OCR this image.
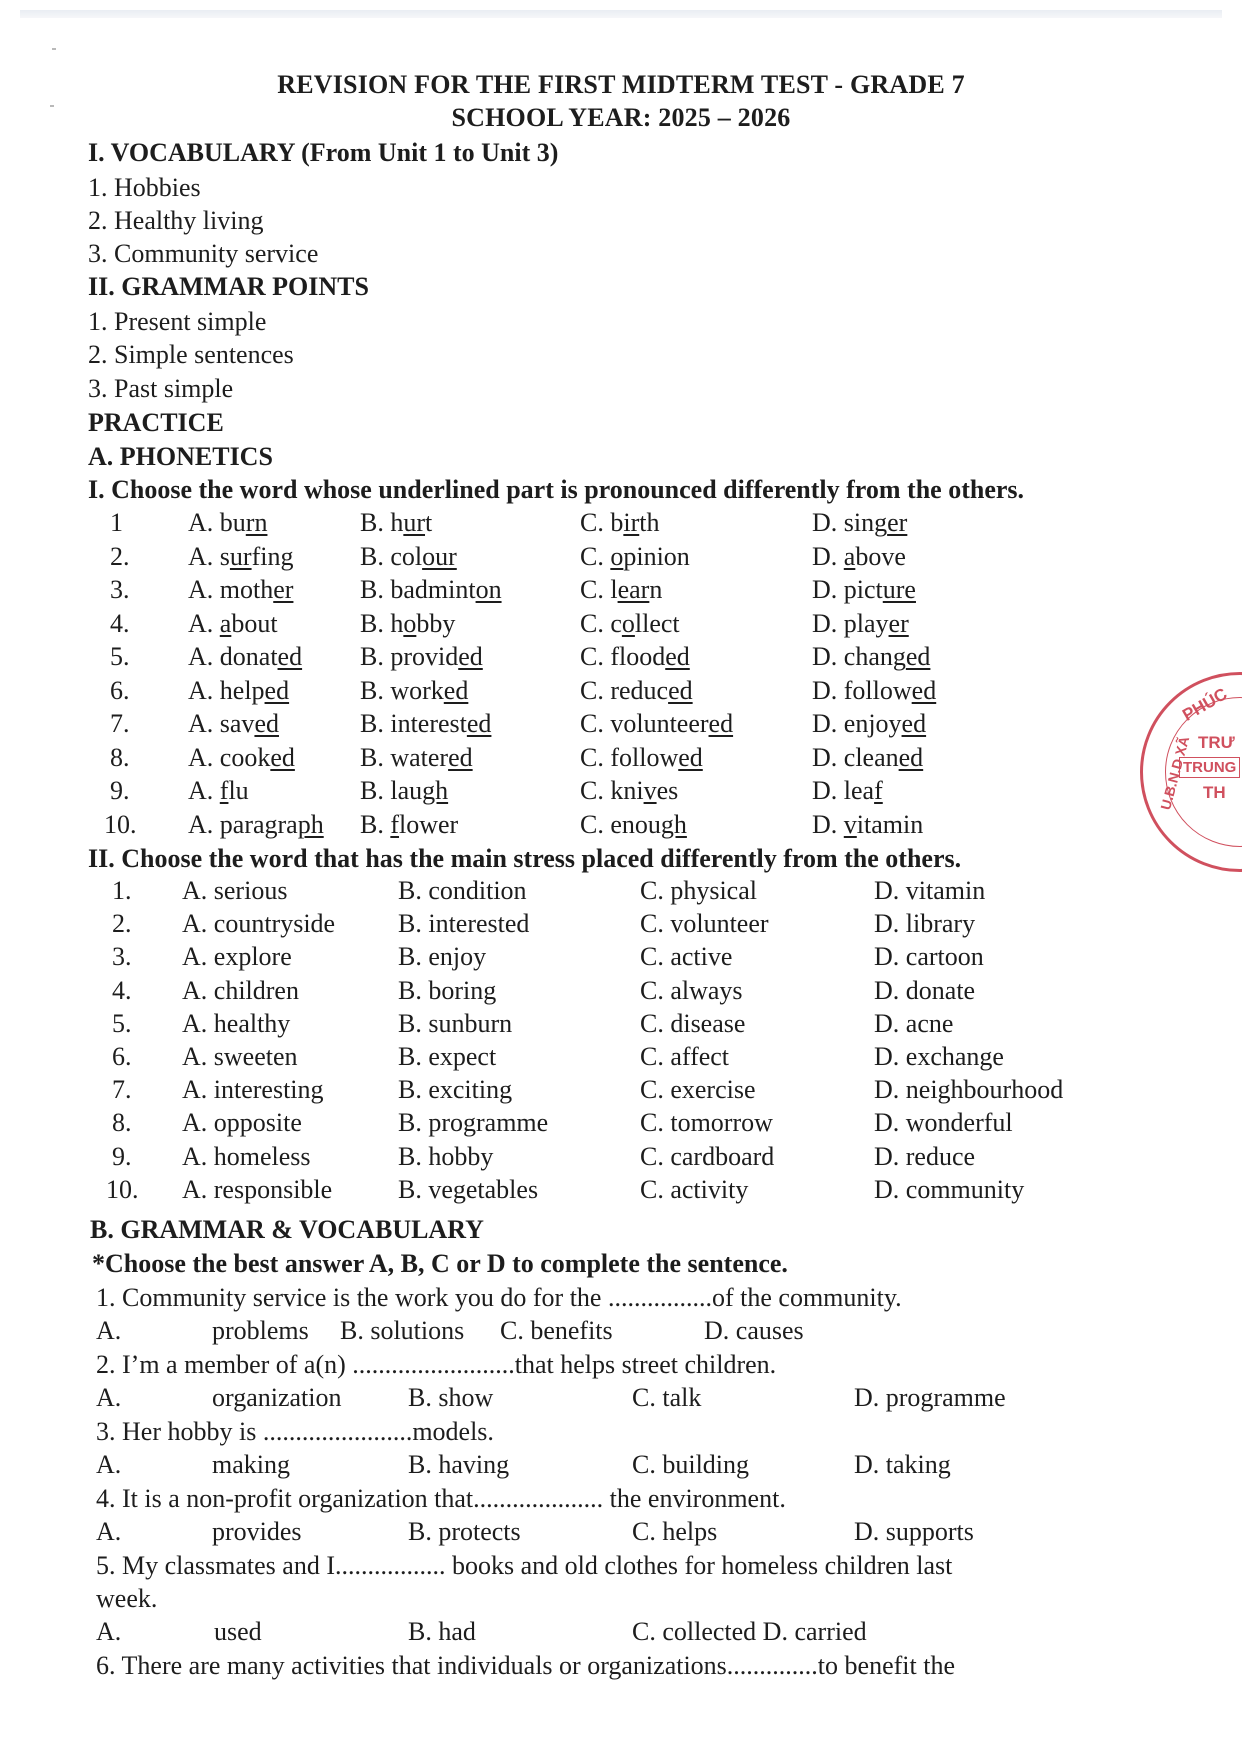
REVISION FOR THE FIRST MIDTERM TEST - GRADE 7
SCHOOL YEAR: 2025 – 2026
I. VOCABULARY (From Unit 1 to Unit 3)
1. Hobbies
2. Healthy living
3. Community service
II. GRAMMAR POINTS
1. Present simple
2. Simple sentences
3. Past simple
PRACTICE
A. PHONETICS
I. Choose the word whose underlined part is pronounced differently from the others.
1	A. burn	B. hurt	C. birth	D. singer
2. A. surfing	B. colour	C. opinion	D. above
3. A. mother	B. badminton	C. learn	D. picture
4. A. about	B. hobby	C. collect	D. player
5. A. donated B. provided	C. flooded	D. changed
6. A. helped	B. worked	C. reduced	D. followed
7. A. saved	B. interested	C. volunteered	D. enjoyed
8. A. cooked	B. watered	C. followed	D. cleaned
9. A. flu	B. laugh	C. knives	D. leaf
10. A. paragraph B. flower	C. enough	D. vitamin
II. Choose the word that has the main stress placed differently from the others.
1. A. serious	B. condition	C. physical	D. vitamin
2. A. countryside B. interested	C. volunteer	D. library
3. A. explore	B. enjoy	C. active	D. cartoon
4. A. children	B. boring	C. always	D. donate
5. A. healthy	B. sunburn	C. disease	D. acne
6. A. sweeten	B. expect	C. affect	D. exchange
7. A. interesting	B. exciting	C. exercise	D. neighbourhood
8. A. opposite	B. programme	C. tomorrow	D. wonderful
9. A. homeless	B. hobby	C. cardboard	D. reduce
10. A. responsible	B. vegetables	C. activity	D. community
B. GRAMMAR & VOCABULARY
*Choose the best answer A, B, C or D to complete the sentence.
1. Community service is the work you do for the ................of the community.
A.	problems B. solutions C. benefits	D. causes
2. I’m a member of a(n) .........................that helps street children.
A.	organization	B. show	C. talk	D. programme
3. Her hobby is .......................models.
A.	making	B. having	C. building	D. taking
4. It is a non-profit organization that.................... the environment.
A.	provides	B. protects	C. helps	D. supports
5. My classmates and I................. books and old clothes for homeless children last
week.
A.	used	B. had	C. collected D. carried
6. There are many activities that individuals or organizations..............to benefit the
PHÚC
TRƯ
TRUNG
TH
U.B.N.D XÃ
